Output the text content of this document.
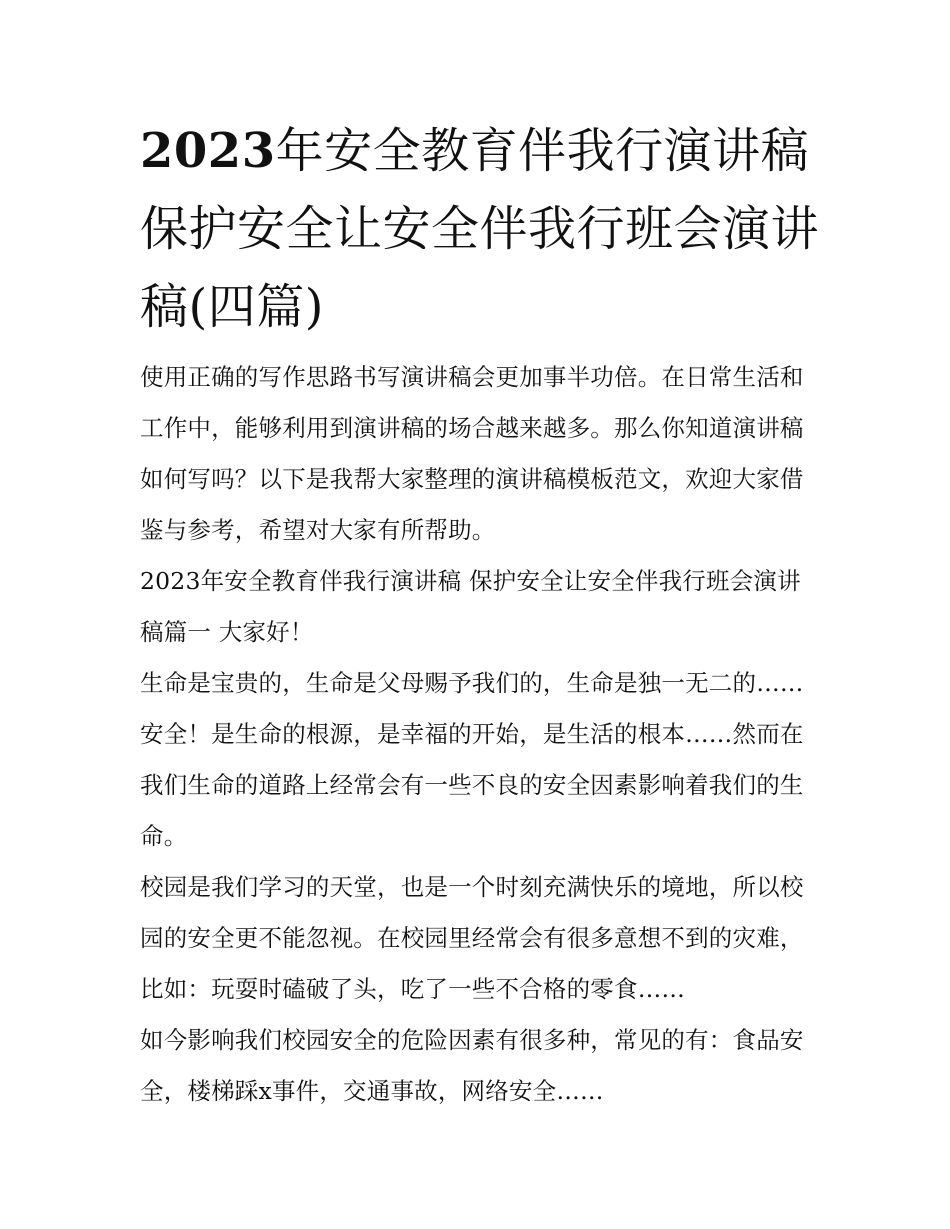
2023年安全教育伴我行演讲稿 保护安全让安全伴我行班会演讲稿(四篇)

使用正确的写作思路书写演讲稿会更加事半功倍。在日常生活和工作中，能够利用到演讲稿的场合越来越多。那么你知道演讲稿如何写吗？以下是我帮大家整理的演讲稿模板范文，欢迎大家借鉴与参考，希望对大家有所帮助。

2023年安全教育伴我行演讲稿 保护安全让安全伴我行班会演讲稿篇一 大家好！

生命是宝贵的，生命是父母赐予我们的，生命是独一无二的……安全！是生命的根源，是幸福的开始，是生活的根本……然而在我们生命的道路上经常会有一些不良的安全因素影响着我们的生命。

校园是我们学习的天堂，也是一个时刻充满快乐的境地，所以校园的安全更不能忽视。在校园里经常会有很多意想不到的灾难，比如：玩耍时磕破了头，吃了一些不合格的零食……

如今影响我们校园安全的危险因素有很多种，常见的有：食品安全，楼梯踩x事件，交通事故，网络安全……
